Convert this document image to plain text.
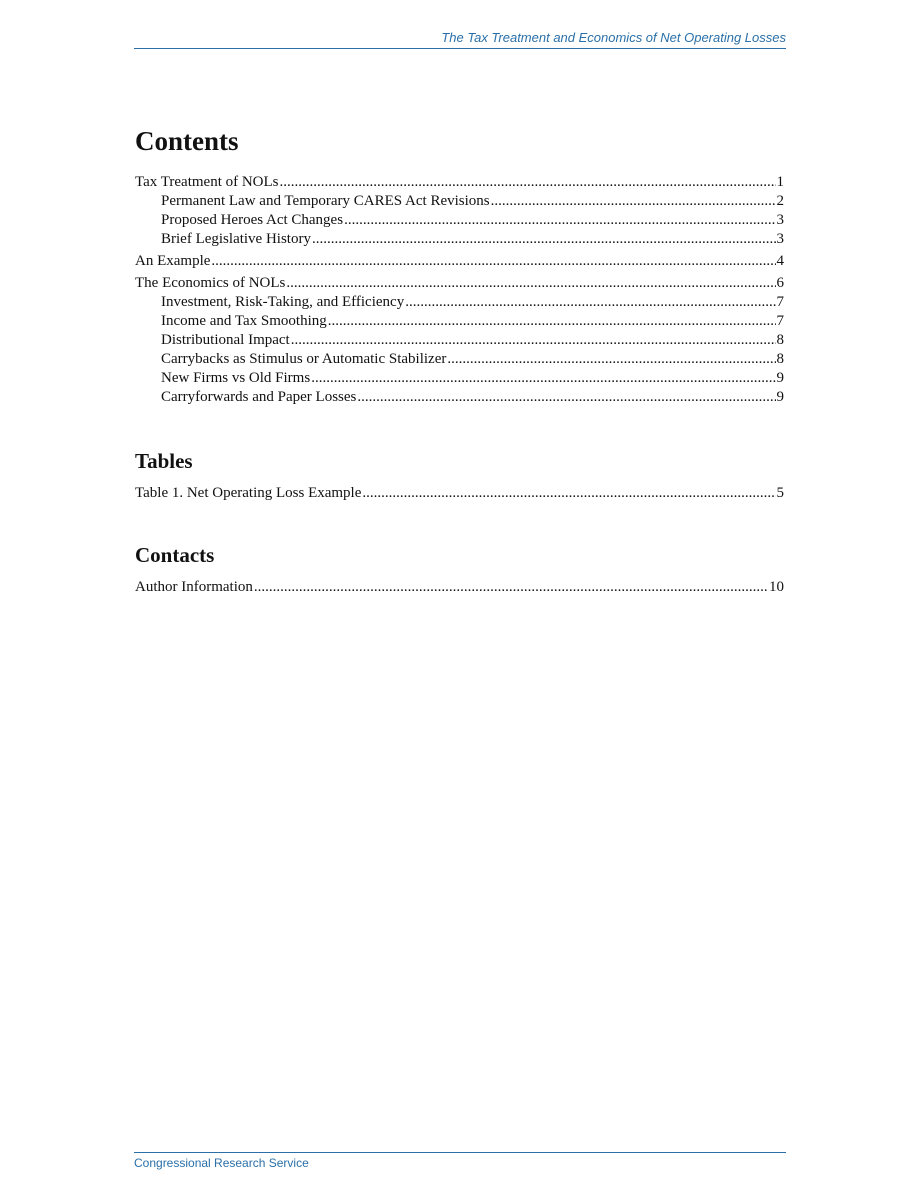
The Tax Treatment and Economics of Net Operating Losses
Contents
Tax Treatment of NOLs .....	1
Permanent Law and Temporary CARES Act Revisions .....	2
Proposed Heroes Act Changes .....	3
Brief Legislative History .....	3
An Example .....	4
The Economics of NOLs .....	6
Investment, Risk-Taking, and Efficiency .....	7
Income and Tax Smoothing .....	7
Distributional Impact .....	8
Carrybacks as Stimulus or Automatic Stabilizer .....	8
New Firms vs Old Firms .....	9
Carryforwards and Paper Losses .....	9
Tables
Table 1. Net Operating Loss Example .....	5
Contacts
Author Information .....	10
Congressional Research Service
